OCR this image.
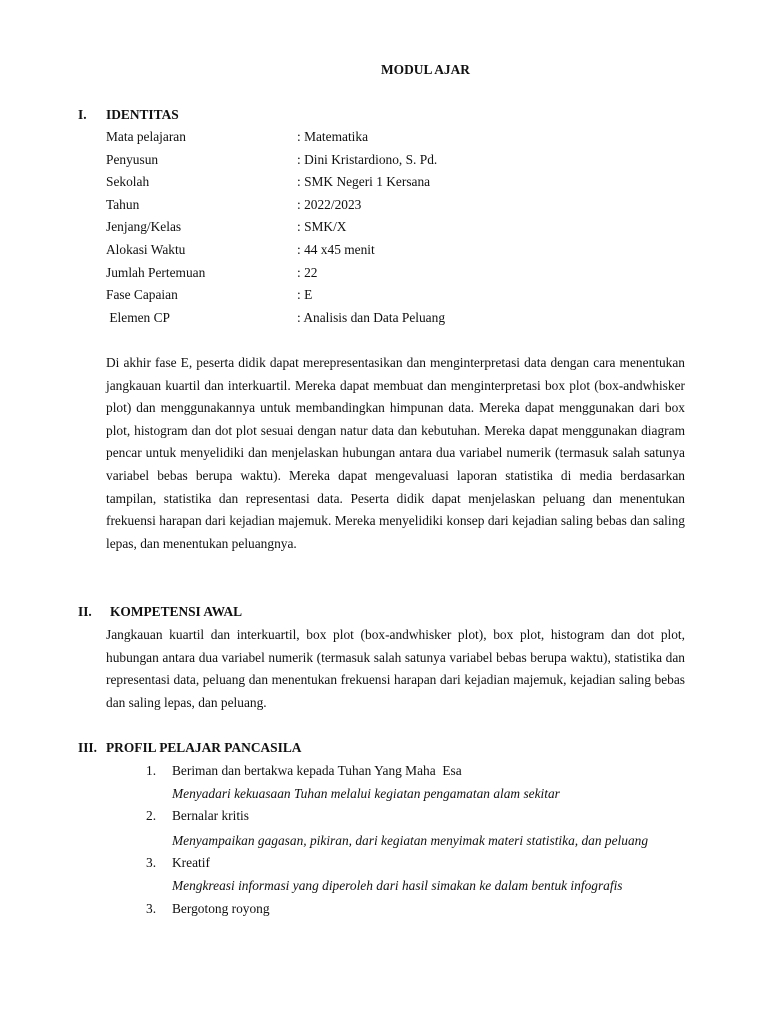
MODUL AJAR
I. IDENTITAS
Mata pelajaran	: Matematika
Penyusun	: Dini Kristardiono, S. Pd.
Sekolah	: SMK Negeri 1 Kersana
Tahun	: 2022/2023
Jenjang/Kelas	: SMK/X
Alokasi Waktu	: 44 x45 menit
Jumlah Pertemuan	: 22
Fase Capaian	: E
Elemen CP	: Analisis dan Data Peluang
Di akhir fase E, peserta didik dapat merepresentasikan dan menginterpretasi data dengan cara menentukan jangkauan kuartil dan interkuartil. Mereka dapat membuat dan menginterpretasi box plot (box-andwhisker plot) dan menggunakannya untuk membandingkan himpunan data. Mereka dapat menggunakan dari box plot, histogram dan dot plot sesuai dengan natur data dan kebutuhan. Mereka dapat menggunakan diagram pencar untuk menyelidiki dan menjelaskan hubungan antara dua variabel numerik (termasuk salah satunya variabel bebas berupa waktu). Mereka dapat mengevaluasi laporan statistika di media berdasarkan tampilan, statistika dan representasi data. Peserta didik dapat menjelaskan peluang dan menentukan frekuensi harapan dari kejadian majemuk. Mereka menyelidiki konsep dari kejadian saling bebas dan saling lepas, dan menentukan peluangnya.
II. KOMPETENSI AWAL
Jangkauan kuartil dan interkuartil, box plot (box-andwhisker plot), box plot, histogram dan dot plot, hubungan antara dua variabel numerik (termasuk salah satunya variabel bebas berupa waktu), statistika dan representasi data, peluang dan menentukan frekuensi harapan dari kejadian majemuk, kejadian saling bebas dan saling lepas, dan peluang.
III. PROFIL PELAJAR PANCASILA
1. Beriman dan bertakwa kepada Tuhan Yang Maha  Esa
Menyadari kekuasaan Tuhan melalui kegiatan pengamatan alam sekitar
2. Bernalar kritis
Menyampaikan gagasan, pikiran, dari kegiatan menyimak materi statistika, dan peluang
3. Kreatif
Mengkreasi informasi yang diperoleh dari hasil simakan ke dalam bentuk infografis
3. Bergotong royong
